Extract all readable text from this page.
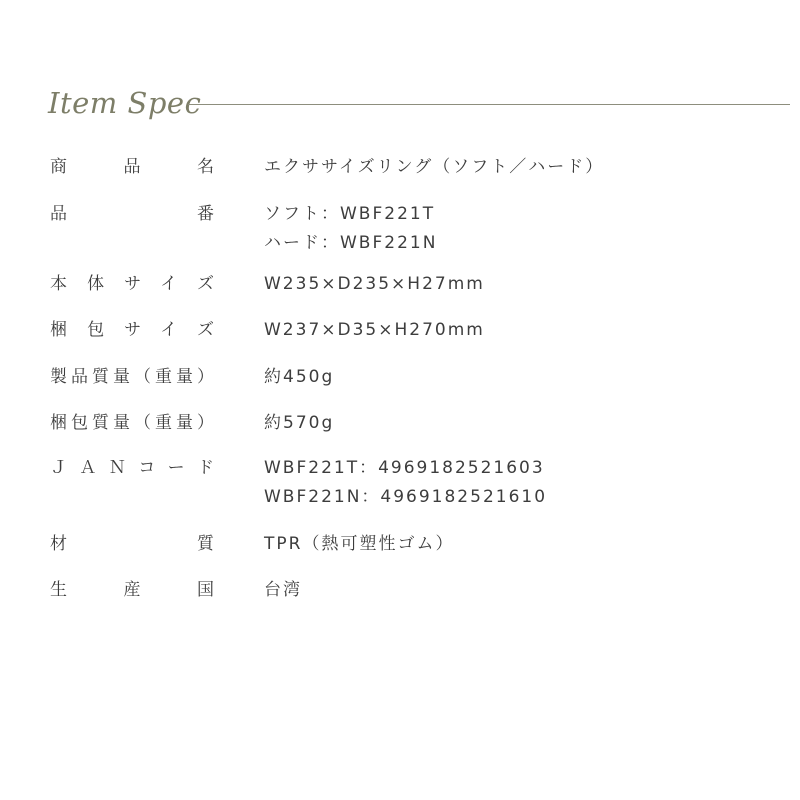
Item Spec
商　品　名	エクササイズリング（ソフト／ハード）
品　　　番	ソフト：WBF221T
ハード：WBF221N
本体サイズ	W235×D235×H27mm
梱包サイズ	W237×D35×H270mm
製品質量（重量）	約450g
梱包質量（重量）	約570g
ＪＡＮコード	WBF221T：4969182521603
WBF221N：4969182521610
材　　　質	TPR（熱可塑性ゴム）
生　産　国	台湾
